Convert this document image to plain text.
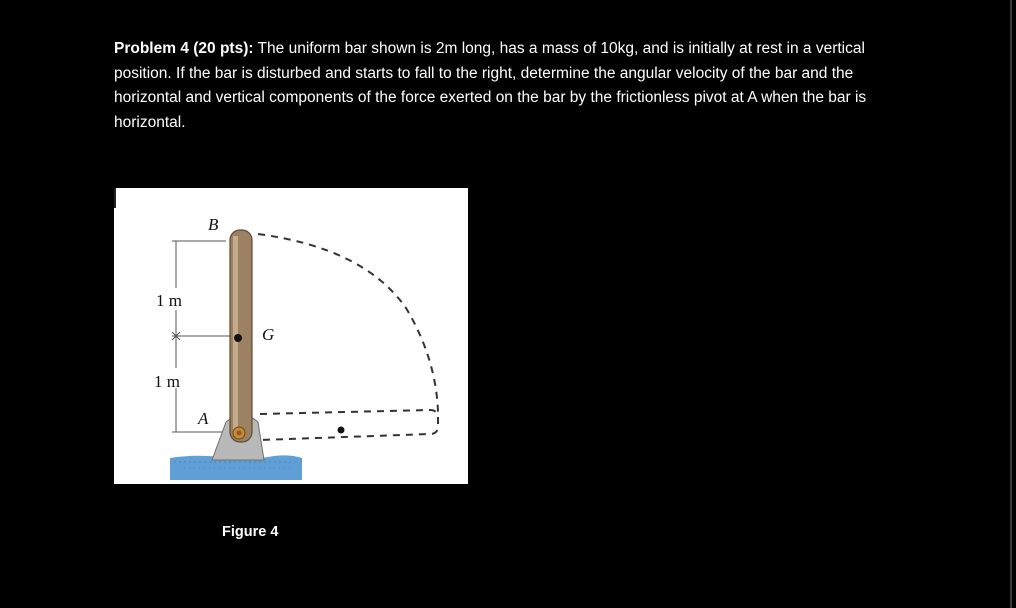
Problem 4 (20 pts): The uniform bar shown is 2m long, has a mass of 10kg, and is initially at rest in a vertical position. If the bar is disturbed and starts to fall to the right, determine the angular velocity of the bar and the horizontal and vertical components of the force exerted on the bar by the frictionless pivot at A when the bar is horizontal.
B
G
A
1 m
1 m
Figure 4
